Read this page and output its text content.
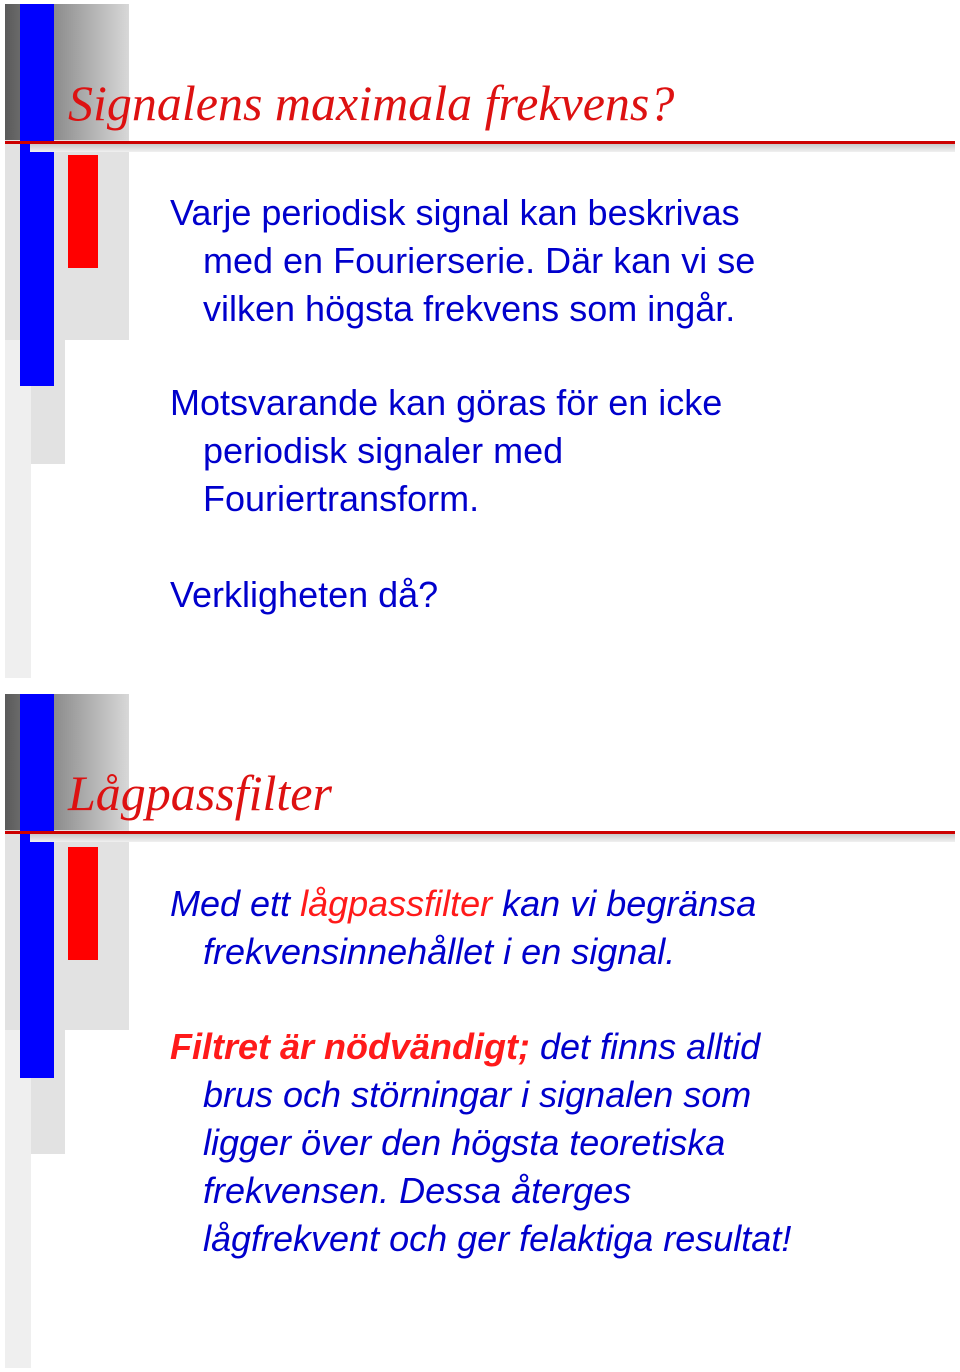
Signalens maximala frekvens?

Varje periodisk signal kan beskrivas
med en Fourierserie. Där kan vi se
vilken högsta frekvens som ingår.

Motsvarande kan göras för en icke
periodisk signaler med
Fouriertransform.

Verkligheten då?

Lågpassfilter

Med ett lågpassfilter kan vi begränsa
frekvensinnehållet i en signal.

Filtret är nödvändigt; det finns alltid
brus och störningar i signalen som
ligger över den högsta teoretiska
frekvensen. Dessa återges
lågfrekvent och ger felaktiga resultat!
